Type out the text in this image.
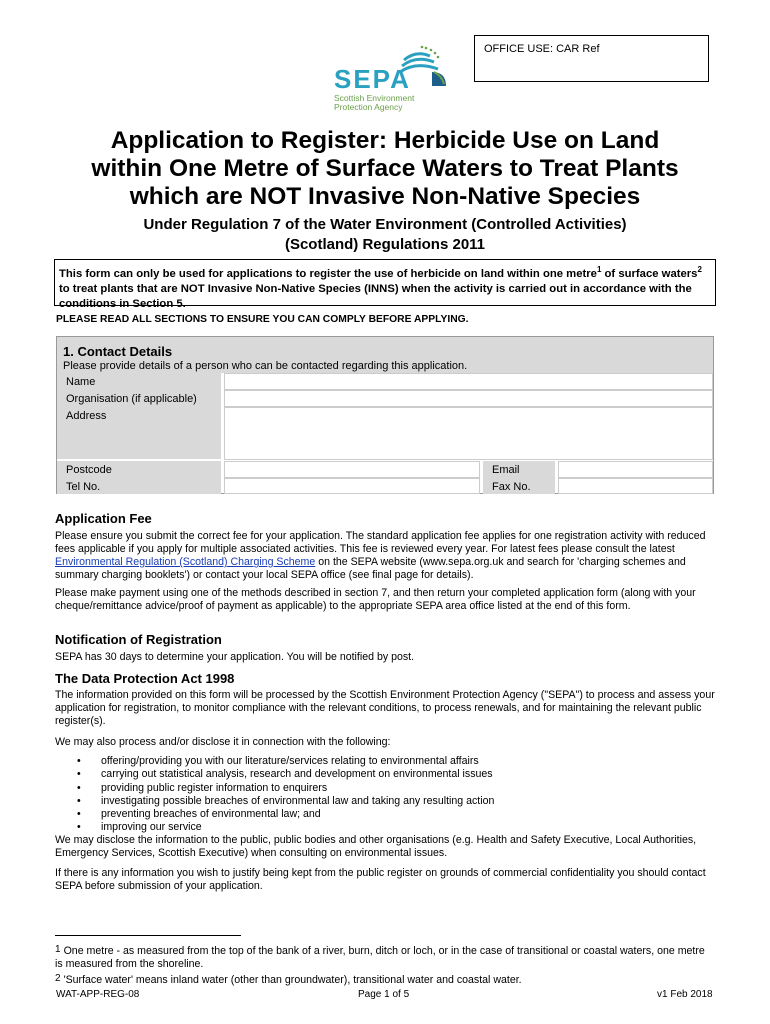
OFFICE USE: CAR Ref
SEPA
Scottish Environment
Protection Agency
Application to Register: Herbicide Use on Land
within One Metre of Surface Waters to Treat Plants
which are NOT Invasive Non-Native Species
Under Regulation 7 of the Water Environment (Controlled Activities)
(Scotland) Regulations 2011
This form can only be used for applications to register the use of herbicide on land within one metre$^1$ of surface waters$^2$ to treat plants that are NOT Invasive Non-Native Species (INNS) when the activity is carried out in accordance with the conditions in Section 5.
PLEASE READ ALL SECTIONS TO ENSURE YOU CAN COMPLY BEFORE APPLYING.
1. Contact Details
Please provide details of a person who can be contacted regarding this application.
Name
Organisation (if applicable)
Address
Postcode	Email
Tel No.	Fax No.
Application Fee
Please ensure you submit the correct fee for your application. The standard application fee applies for one registration activity with reduced fees applicable if you apply for multiple associated activities. This fee is reviewed every year. For latest fees please consult the latest Environmental Regulation (Scotland) Charging Scheme on the SEPA website (www.sepa.org.uk and search for 'charging schemes and summary charging booklets') or contact your local SEPA office (see final page for details).
Please make payment using one of the methods described in section 7, and then return your completed application form (along with your cheque/remittance advice/proof of payment as applicable) to the appropriate SEPA area office listed at the end of this form.
Notification of Registration
SEPA has 30 days to determine your application. You will be notified by post.
The Data Protection Act 1998
The information provided on this form will be processed by the Scottish Environment Protection Agency ("SEPA") to process and assess your application for registration, to monitor compliance with the relevant conditions, to process renewals, and for maintaining the relevant public register(s).
We may also process and/or disclose it in connection with the following:
• offering/providing you with our literature/services relating to environmental affairs
• carrying out statistical analysis, research and development on environmental issues
• providing public register information to enquirers
• investigating possible breaches of environmental law and taking any resulting action
• preventing breaches of environmental law; and
• improving our service
We may disclose the information to the public, public bodies and other organisations (e.g. Health and Safety Executive, Local Authorities, Emergency Services, Scottish Executive) when consulting on environmental issues.
If there is any information you wish to justify being kept from the public register on grounds of commercial confidentiality you should contact SEPA before submission of your application.
$^1$ One metre - as measured from the top of the bank of a river, burn, ditch or loch, or in the case of transitional or coastal waters, one metre is measured from the shoreline.
$^2$ 'Surface water' means inland water (other than groundwater), transitional water and coastal water.
WAT-APP-REG-08	Page 1 of 5	v1 Feb 2018
